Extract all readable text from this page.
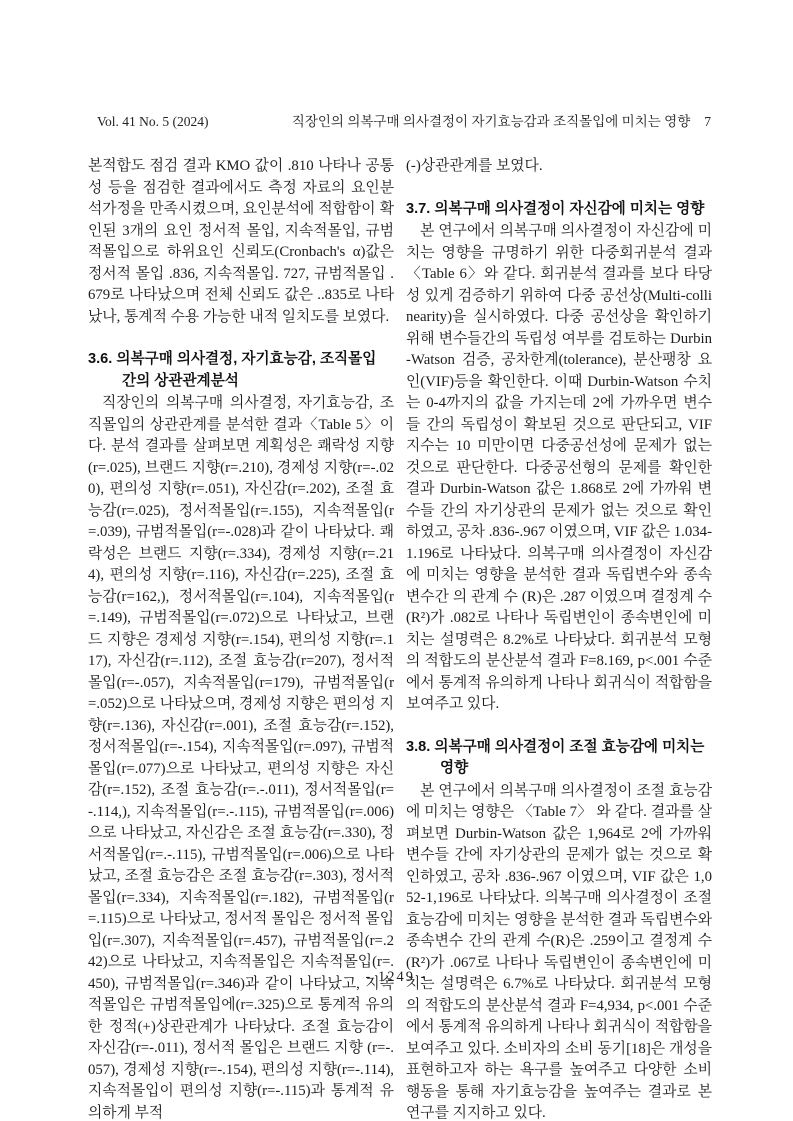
Vol. 41 No. 5 (2024)	직장인의 의복구매 의사결정이 자기효능감과 조직몰입에 미치는 영향 7

본적합도 점검 결과 KMO 값이 .810 나타나 공통성 등을 점검한 결과에서도 측정 자료의 요인분석가정을 만족시켰으며, 요인분석에 적합함이 확인된 3개의 요인 정서적 몰입, 지속적몰입, 규범적몰입으로 하위요인 신뢰도(Cronbach's α)값은 정서적 몰입 .836, 지속적몰입. 727, 규범적몰입 .679로 나타났으며 전체 신뢰도 값은 ..835로 나타났나, 통계적 수용 가능한 내적 일치도를 보였다.

3.6. 의복구매 의사결정, 자기효능감, 조직몰입
간의 상관관계분석

직장인의 의복구매 의사결정, 자기효능감, 조직몰입의 상관관계를 분석한 결과〈Table 5〉이다. 분석 결과를 살펴보면 계획성은 쾌락성 지향(r=.025), 브랜드 지향(r=.210), 경제성 지향(r=-.020), 편의성 지향(r=.051), 자신감(r=.202), 조절 효능감(r=.025), 정서적몰입(r=.155), 지속적몰입(r=.039), 규범적몰입(r=-.028)과 같이 나타났다. 쾌락성은 브랜드 지향(r=.334), 경제성 지향(r=.214), 편의성 지향(r=.116), 자신감(r=.225), 조절 효능감(r=162,), 정서적몰입(r=.104), 지속적몰입(r=.149), 규범적몰입(r=.072)으로 나타났고, 브랜드 지향은 경제성 지향(r=.154), 편의성 지향(r=.117), 자신감(r=.112), 조절 효능감(r=207), 정서적몰입(r=-.057), 지속적몰입(r=179), 규범적몰입(r=.052)으로 나타났으며, 경제성 지향은 편의성 지향(r=.136), 자신감(r=.001), 조절 효능감(r=.152), 정서적몰입(r=-.154), 지속적몰입(r=.097), 규범적몰입(r=.077)으로 나타났고, 편의성 지향은 자신감(r=.152), 조절 효능감(r=.-.011), 정서적몰입(r=-.114,), 지속적몰입(r=.-.115), 규범적몰입(r=.006)으로 나타났고, 자신감은 조절 효능감(r=.330), 정서적몰입(r=.-.115), 규범적몰입(r=.006)으로 나타났고, 조절 효능감은 조절 효능감(r=.303), 정서적몰입(r=.334), 지속적몰입(r=.182), 규범적몰입(r=.115)으로 나타났고, 정서적 몰입은 정서적 몰입입(r=.307), 지속적몰입(r=.457), 규범적몰입(r=.242)으로 나타났고, 지속적몰입은 지속적몰입(r=.450), 규범적몰입(r=.346)과 같이 나타났고, 지속적몰입은 규범적몰입에(r=.325)으로 통계적 유의한 정적(+)상관관계가 나타났다. 조절 효능감이 자신감(r=-.011), 정서적 몰입은 브랜드 지향 (r=-.057), 경제성 지향(r=-.154), 편의성 지향(r=-.114), 지속적몰입이 편의성 지향(r=-.115)과 통계적 유의하게 부적

(-)상관관계를 보였다.

3.7. 의복구매 의사결정이 자신감에 미치는 영향

본 연구에서 의복구매 의사결정이 자신감에 미치는 영향을 규명하기 위한 다중회귀분석 결과 〈Table 6〉와 같다. 회귀분석 결과를 보다 타당성 있게 검증하기 위하여 다중 공선상(Multi-collinearity)을 실시하였다. 다중 공선상을 확인하기 위해 변수들간의 독립성 여부를 검토하는 Durbin-Watson 검증, 공차한계(tolerance), 분산팽창 요인(VIF)등을 확인한다. 이때 Durbin-Watson 수치는 0-4까지의 값을 가지는데 2에 가까우면 변수들 간의 독립성이 확보된 것으로 판단되고, VIF 지수는 10 미만이면 다중공선성에 문제가 없는 것으로 판단한다. 다중공선형의 문제를 확인한 결과 Durbin-Watson 값은 1.868로 2에 가까워 변수들 간의 자기상관의 문제가 없는 것으로 확인하였고, 공차 .836-.967 이였으며, VIF 값은 1.034-1.196로 나타났다. 의복구매 의사결정이 자신감에 미치는 영향을 분석한 결과 독립변수와 종속 변수간 의 관계 수 (R)은 .287 이였으며 결정계 수(R²)가 .082로 나타나 독립변인이 종속변인에 미치는 설명력은 8.2%로 나타났다. 회귀분석 모형의 적합도의 분산분석 결과 F=8.169, p<.001 수준에서 통계적 유의하게 나타나 회귀식이 적합함을 보여주고 있다.

3.8. 의복구매 의사결정이 조절 효능감에 미치는
영향

본 연구에서 의복구매 의사결정이 조절 효능감에 미치는 영향은 〈Table 7〉 와 같다. 결과를 살펴보면 Durbin-Watson 값은 1,964로 2에 가까워 변수들 간에 자기상관의 문제가 없는 것으로 확인하였고, 공차 .836-.967 이였으며, VIF 값은 1,052-1,196로 나타났다. 의복구매 의사결정이 조절 효능감에 미치는 영향을 분석한 결과 독립변수와 종속변수 간의 관계 수(R)은 .259이고 결정계 수 (R²)가 .067로 나타나 독립변인이 종속변인에 미치는 설명력은 6.7%로 나타났다. 회귀분석 모형의 적합도의 분산분석 결과 F=4,934, p<.001 수준에서 통계적 유의하게 나타나 회귀식이 적합함을 보여주고 있다. 소비자의 소비 동기[18]은 개성을 표현하고자 하는 욕구를 높여주고 다양한 소비 행동을 통해 자기효능감을 높여주는 결과로 본 연구를 지지하고 있다.

- 1249 -
